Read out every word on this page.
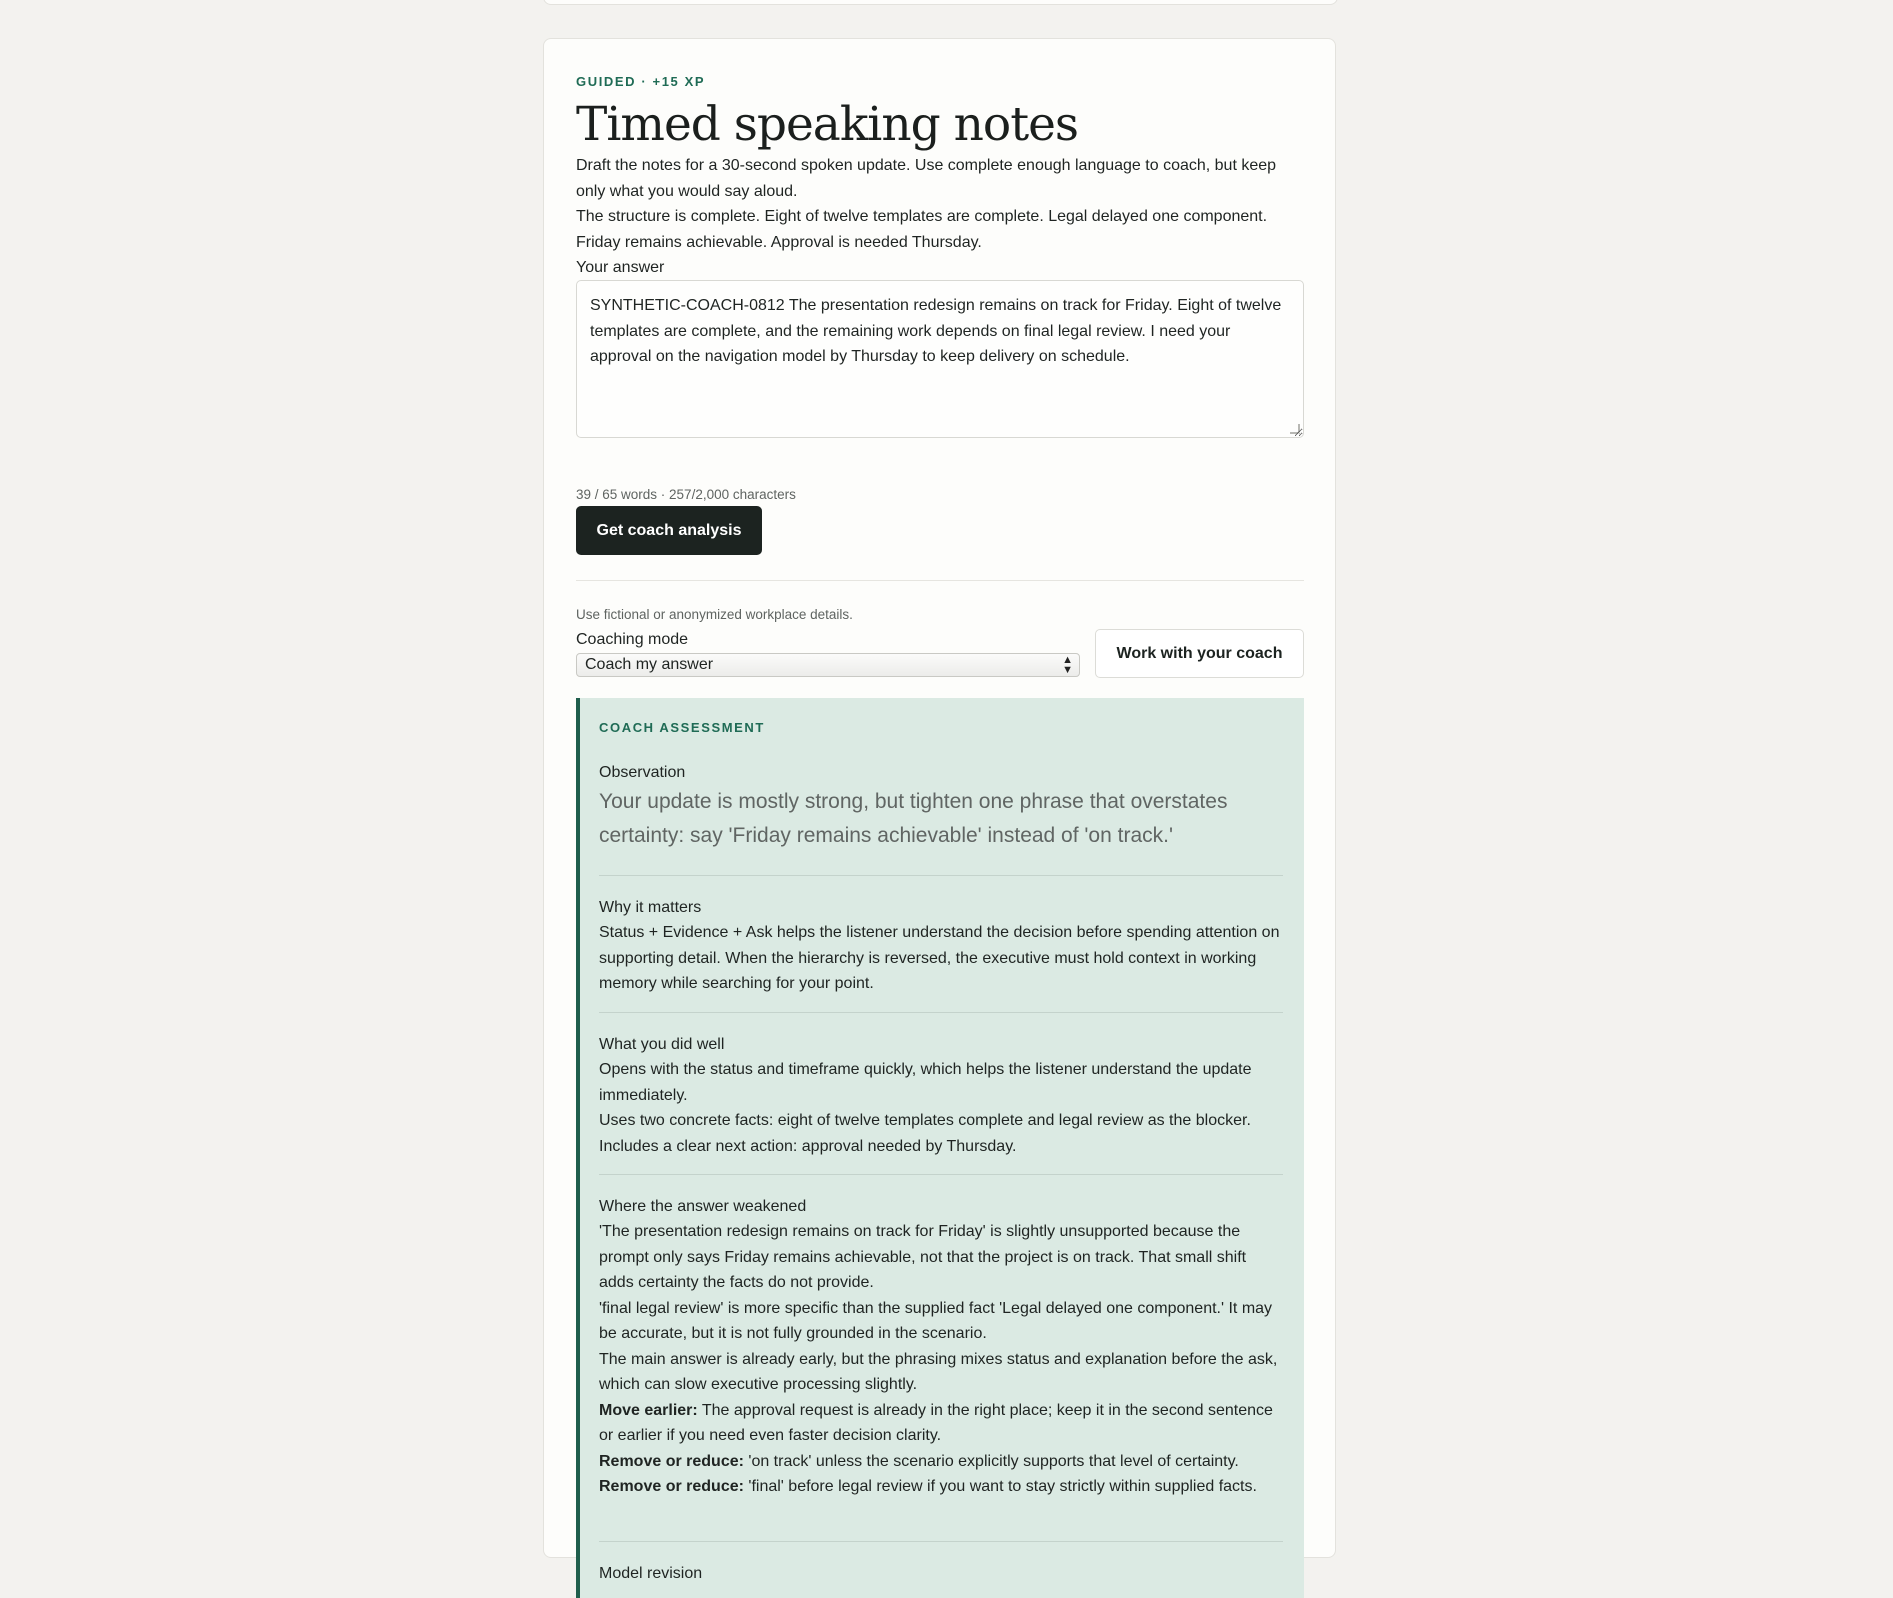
GUIDED · +15 XP
Timed speaking notes
Draft the notes for a 30-second spoken update. Use complete enough language to coach, but keep only what you would say aloud.
The structure is complete. Eight of twelve templates are complete. Legal delayed one component. Friday remains achievable. Approval is needed Thursday.
Your answer
SYNTHETIC-COACH-0812 The presentation redesign remains on track for Friday. Eight of twelve templates are complete, and the remaining work depends on final legal review. I need your approval on the navigation model by Thursday to keep delivery on schedule.
39 / 65 words · 257/2,000 characters
Get coach analysis
Use fictional or anonymized workplace details.
Coaching mode
Coach my answer	▲
▼
Work with your coach
COACH ASSESSMENT
Observation
Your update is mostly strong, but tighten one phrase that overstates certainty: say 'Friday remains achievable' instead of 'on track.'
Why it matters
Status + Evidence + Ask helps the listener understand the decision before spending attention on supporting detail. When the hierarchy is reversed, the executive must hold context in working memory while searching for your point.
What you did well
Opens with the status and timeframe quickly, which helps the listener understand the update immediately.
Uses two concrete facts: eight of twelve templates complete and legal review as the blocker.
Includes a clear next action: approval needed by Thursday.
Where the answer weakened
'The presentation redesign remains on track for Friday' is slightly unsupported because the prompt only says Friday remains achievable, not that the project is on track. That small shift adds certainty the facts do not provide.
'final legal review' is more specific than the supplied fact 'Legal delayed one component.' It may be accurate, but it is not fully grounded in the scenario.
The main answer is already early, but the phrasing mixes status and explanation before the ask, which can slow executive processing slightly.
Move earlier: The approval request is already in the right place; keep it in the second sentence or earlier if you need even faster decision clarity.
Remove or reduce: 'on track' unless the scenario explicitly supports that level of certainty.
Remove or reduce: 'final' before legal review if you want to stay strictly within supplied facts.
Model revision
